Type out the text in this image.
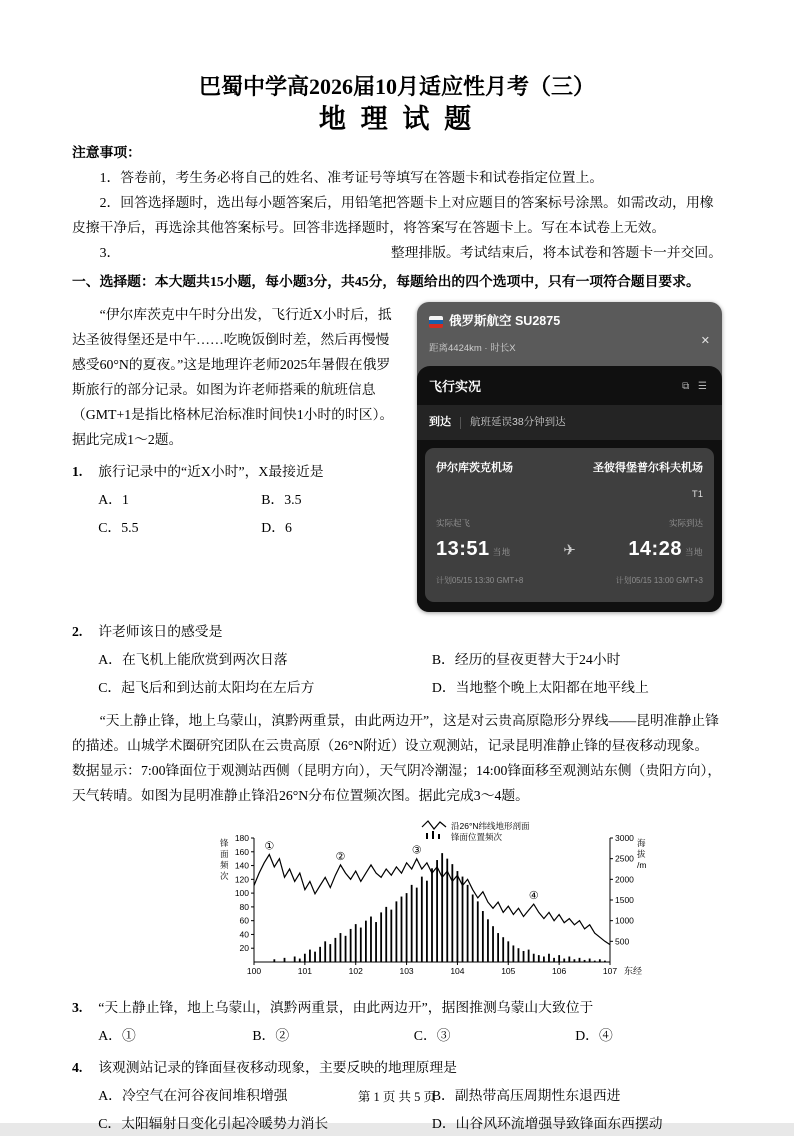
巴蜀中学高2026届10月适应性月考（三）
地 理 试 题

注意事项：

1．答卷前，考生务必将自己的姓名、准考证号等填写在答题卡和试卷指定位置上。

2．回答选择题时，选出每小题答案后，用铅笔把答题卡上对应题目的答案标号涂黑。如需改动，用橡皮擦干净后，再选涂其他答案标号。回答非选择题时，将答案写在答题卡上。写在本试卷上无效。

3．	整理排版。考试结束后，将本试卷和答题卡一并交回。

一、选择题：本大题共15小题，每小题3分，共45分，每题给出的四个选项中，只有一项符合题目要求。

“伊尔库茨克中午时分出发，飞行近X小时后，抵达圣彼得堡还是中午……吃晚饭倒时差，然后再慢慢感受60°N的夏夜。”这是地理许老师2025年暑假在俄罗斯旅行的部分记录。如图为许老师搭乘的航班信息（GMT+1是指比格林尼治标准时间快1小时的时区）。据此完成1～2题。

1.	旅行记录中的“近X小时”，X最接近是
A．1	B．3.5
C．5.5	D．6
俄罗斯航空 SU2875
距离4424km · 时长X
✕
飞行实况	⧉ ☰
到达 航班延误38分钟到达
伊尔库茨克机场	圣彼得堡普尔科夫机场
T1
实际起飞	实际到达
13:51 当地	✈	14:28 当地
计划05/15 13:30 GMT+8	计划05/15 13:00 GMT+3
2.	许老师该日的感受是
A．在飞机上能欣赏到两次日落	B．经历的昼夜更替大于24小时
C．起飞后和到达前太阳均在左后方	D．当地整个晚上太阳都在地平线上

“天上静止锋，地上乌蒙山，滇黔两重景，由此两边开”，这是对云贵高原隐形分界线——昆明准静止锋的描述。山城学术圈研究团队在云贵高原（26°N附近）设立观测站，记录昆明准静止锋的昼夜移动现象。数据显示：7:00锋面位于观测站西侧（昆明方向），天气阴冷潮湿；14:00锋面移至观测站东侧（贵阳方向），天气转晴。如图为昆明准静止锋沿26°N分布位置频次图。据此完成3～4题。

20
40
60
80
100
120
140
160
180
500
1000
1500
2000
2500
3000
100	101	102	103	104	105	106	107 东经
①
②
③
④
锋
面
频
次
海
拔
/m
沿26°N纬线地形剖面
锋面位置频次
3.	“天上静止锋，地上乌蒙山，滇黔两重景，由此两边开”，据图推测乌蒙山大致位于
A．①	B．②	C．③	D．④
4.	该观测站记录的锋面昼夜移动现象，主要反映的地理原理是
A．冷空气在河谷夜间堆积增强	B．副热带高压周期性东退西进
C．太阳辐射日变化引起冷暖势力消长	D．山谷风环流增强导致锋面东西摆动
第 1 页 共 5 页
